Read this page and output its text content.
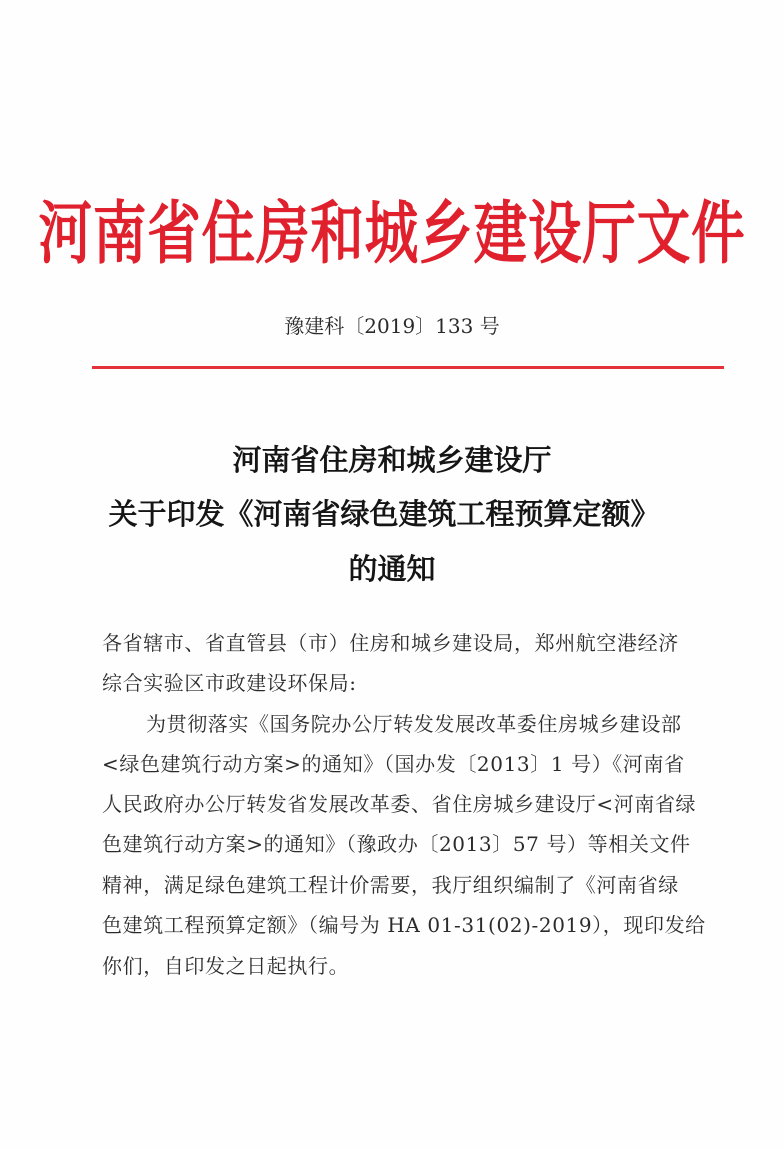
河南省住房和城乡建设厅文件
豫建科〔2019〕133 号
河南省住房和城乡建设厅
关于印发《河南省绿色建筑工程预算定额》
的通知
各省辖市、省直管县（市）住房和城乡建设局，郑州航空港经济
综合实验区市政建设环保局:
为贯彻落实《国务院办公厅转发发展改革委住房城乡建设部
<绿色建筑行动方案>的通知》（国办发〔2013〕1 号）《河南省
人民政府办公厅转发省发展改革委、省住房城乡建设厅<河南省绿
色建筑行动方案>的通知》（豫政办〔2013〕57 号）等相关文件
精神，满足绿色建筑工程计价需要，我厅组织编制了《河南省绿
色建筑工程预算定额》（编号为 HA 01-31(02)-2019），现印发给
你们，自印发之日起执行。
